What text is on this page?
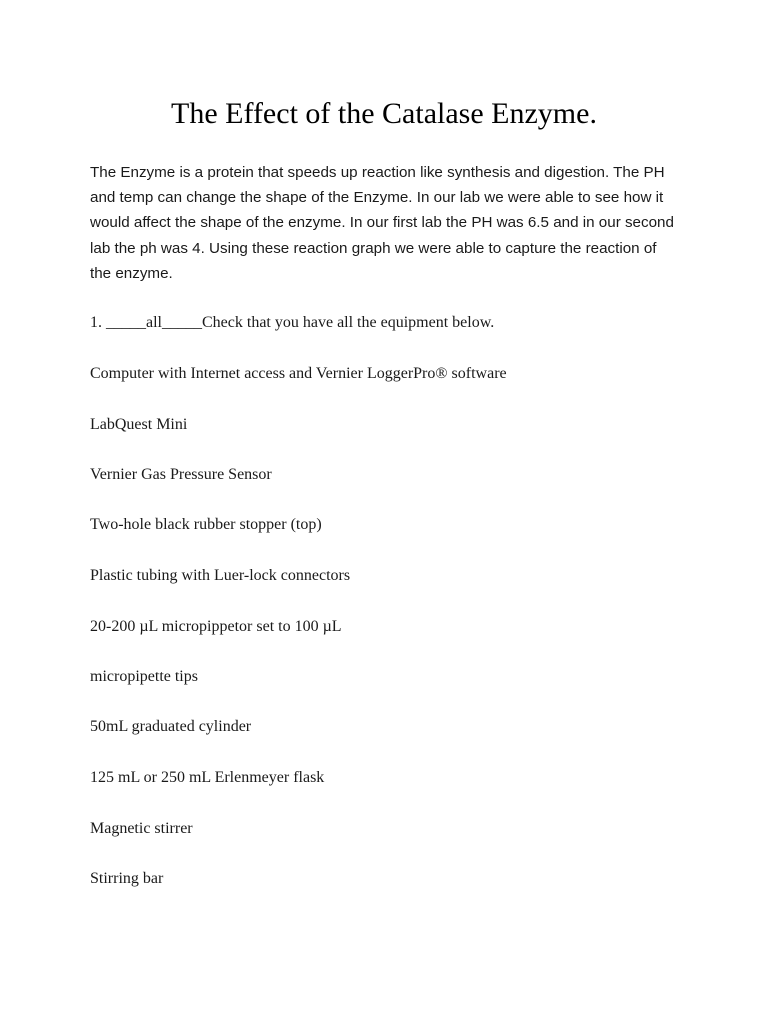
The Effect of the Catalase Enzyme.

The Enzyme is a protein that speeds up reaction like synthesis and digestion. The PH and temp can change the shape of the Enzyme. In our lab we were able to see how it would affect the shape of the enzyme. In our first lab the PH was 6.5 and in our second lab the ph was 4. Using these reaction graph we were able to capture the reaction of the enzyme.

1. _____all_____Check that you have all the equipment below.

Computer with Internet access and Vernier LoggerPro® software

LabQuest Mini

Vernier Gas Pressure Sensor

Two-hole black rubber stopper (top)

Plastic tubing with Luer-lock connectors

20-200 µL micropippetor set to 100 µL

micropipette tips

50mL graduated cylinder

125 mL or 250 mL Erlenmeyer flask

Magnetic stirrer

Stirring bar
